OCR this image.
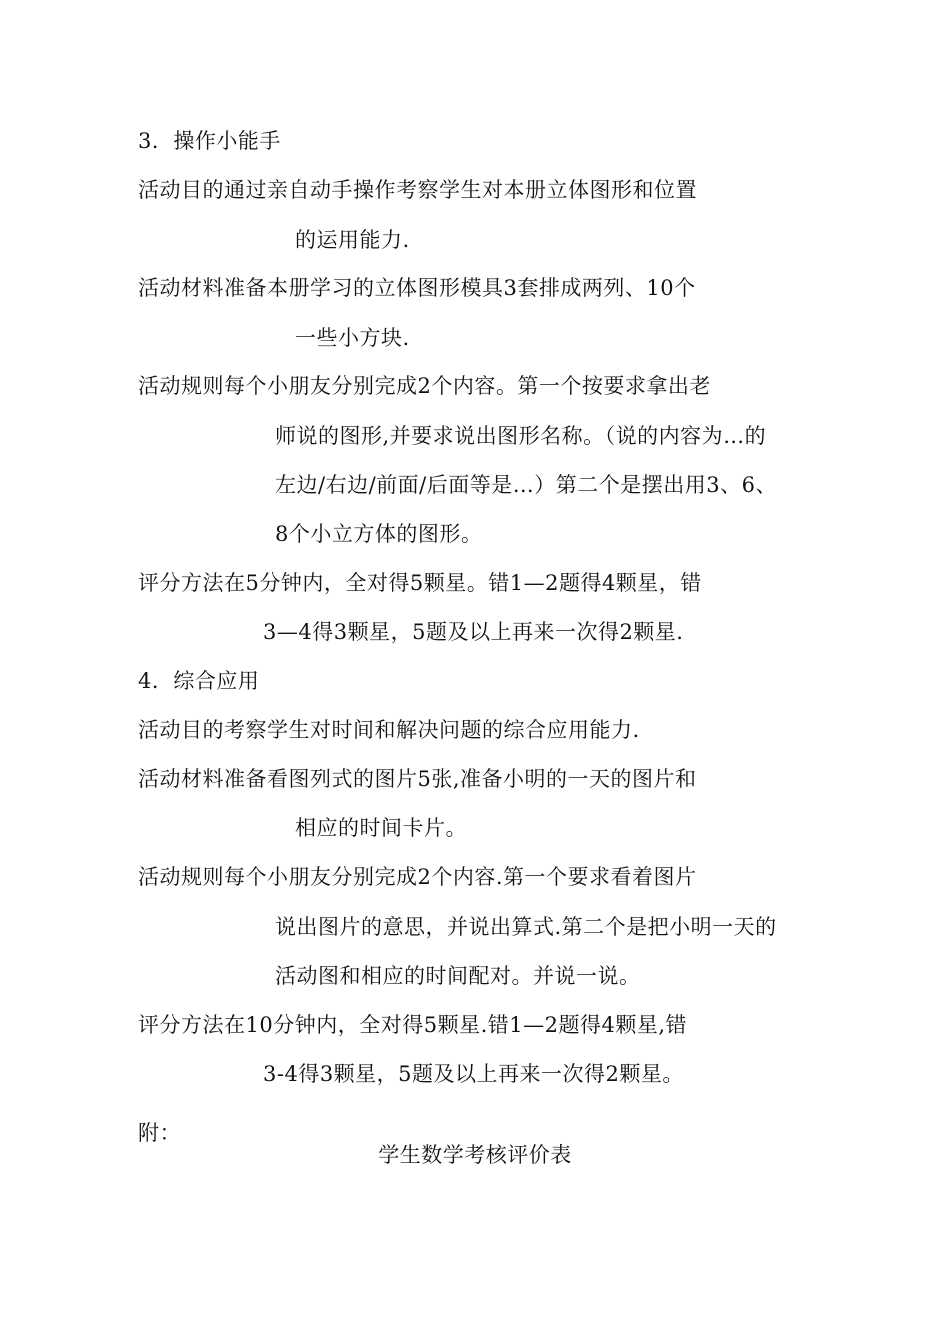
3．操作小能手
活动目的通过亲自动手操作考察学生对本册立体图形和位置
的运用能力.
活动材料准备本册学习的立体图形模具3套排成两列、10个
一些小方块.
活动规则每个小朋友分别完成2个内容。第一个按要求拿出老
师说的图形,并要求说出图形名称。（说的内容为…的
左边/右边/前面/后面等是…）第二个是摆出用3、6、
8个小立方体的图形。
评分方法在5分钟内，全对得5颗星。错1—2题得4颗星，错
3—4得3颗星，5题及以上再来一次得2颗星.
4．综合应用
活动目的考察学生对时间和解决问题的综合应用能力.
活动材料准备看图列式的图片5张,准备小明的一天的图片和
相应的时间卡片。
活动规则每个小朋友分别完成2个内容.第一个要求看着图片
说出图片的意思，并说出算式.第二个是把小明一天的
活动图和相应的时间配对。并说一说。
评分方法在10分钟内，全对得5颗星.错1—2题得4颗星,错
3-4得3颗星，5题及以上再来一次得2颗星。
附：
学生数学考核评价表
